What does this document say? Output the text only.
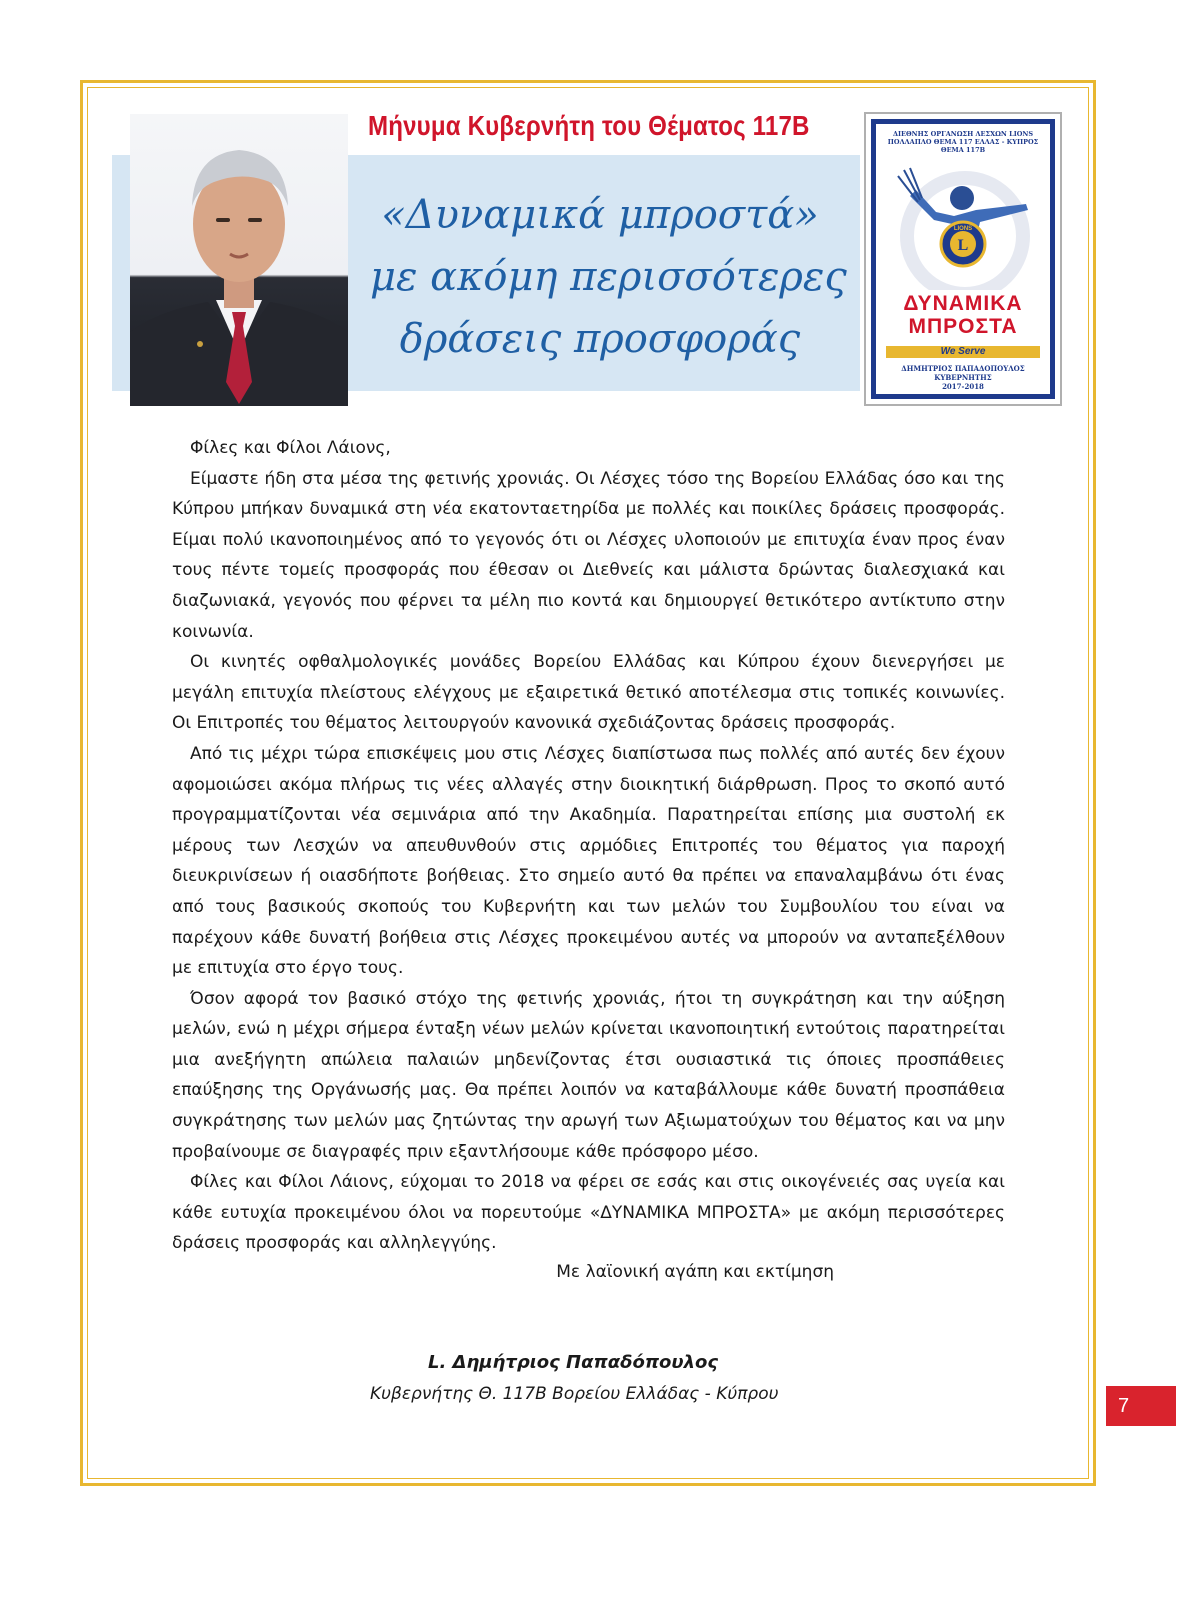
Μήνυμα Κυβερνήτη του Θέματος 117Β
«Δυναμικά μπροστά»
με ακόμη περισσότερες
δράσεις προσφοράς
ΔΙΕΘΝΗΣ ΟΡΓΑΝΩΣΗ ΛΕΣΧΩΝ LIONS
ΠΟΛΛΑΠΛΟ ΘΕΜΑ 117 ΕΛΛΑΣ - ΚΥΠΡΟΣ
ΘΕΜΑ 117Β
L
LIONS
ΔΥΝΑΜΙΚΑ
ΜΠΡΟΣΤΑ
We Serve
ΔΗΜΗΤΡΙΟΣ ΠΑΠΑΔΟΠΟΥΛΟΣ
ΚΥΒΕΡΝΗΤΗΣ
2017-2018

Φίλες και Φίλοι Λάιονς,

Είμαστε ήδη στα μέσα της φετινής χρονιάς. Οι Λέσχες τόσο της Βορείου Ελλάδας όσο και της Κύπρου μπήκαν δυναμικά στη νέα εκατονταετηρίδα με πολλές και ποικίλες δράσεις προσφοράς. Είμαι πολύ ικανοποιημένος από το γεγονός ότι οι Λέσχες υλοποιούν με επιτυχία έναν προς έναν τους πέντε τομείς προσφοράς που έθεσαν οι Διεθνείς και μάλιστα δρώντας διαλεσχιακά και διαζωνιακά, γεγονός που φέρνει τα μέλη πιο κοντά και δημιουργεί θετικότερο αντίκτυπο στην κοινωνία.

Οι κινητές οφθαλμολογικές μονάδες Βορείου Ελλάδας και Κύπρου έχουν διενεργήσει με μεγάλη επιτυχία πλείστους ελέγχους με εξαιρετικά θετικό αποτέλεσμα στις τοπικές κοινωνίες. Οι Επιτροπές του θέματος λειτουργούν κανονικά σχεδιάζοντας δράσεις προσφοράς.

Από τις μέχρι τώρα επισκέψεις μου στις Λέσχες διαπίστωσα πως πολλές από αυτές δεν έχουν αφομοιώσει ακόμα πλήρως τις νέες αλλαγές στην διοικητική διάρθρωση. Προς το σκοπό αυτό προγραμματίζονται νέα σεμινάρια από την Ακαδημία. Παρατηρείται επίσης μια συστολή εκ μέρους των Λεσχών να απευθυνθούν στις αρμόδιες Επιτροπές του θέματος για παροχή διευκρινίσεων ή οιασδήποτε βοήθειας. Στο σημείο αυτό θα πρέπει να επαναλαμβάνω ότι ένας από τους βασικούς σκοπούς του Κυβερνήτη και των μελών του Συμβουλίου του είναι να παρέχουν κάθε δυνατή βοήθεια στις Λέσχες προκειμένου αυτές να μπορούν να ανταπεξέλθουν με επιτυχία στο έργο τους.

Όσον αφορά τον βασικό στόχο της φετινής χρονιάς, ήτοι τη συγκράτηση και την αύξηση μελών, ενώ η μέχρι σήμερα ένταξη νέων μελών κρίνεται ικανοποιητική εντούτοις παρατηρείται μια ανεξήγητη απώλεια παλαιών μηδενίζοντας έτσι ουσιαστικά τις όποιες προσπάθειες επαύξησης της Οργάνωσής μας. Θα πρέπει λοιπόν να καταβάλλουμε κάθε δυνατή προσπάθεια συγκράτησης των μελών μας ζητώντας την αρωγή των Αξιωματούχων του θέματος και να μην προβαίνουμε σε διαγραφές πριν εξαντλήσουμε κάθε πρόσφορο μέσο.

Φίλες και Φίλοι Λάιονς, εύχομαι το 2018 να φέρει σε εσάς και στις οικογένειές σας υγεία και κάθε ευτυχία προκειμένου όλοι να πορευτούμε «ΔΥΝΑΜΙΚΑ ΜΠΡΟΣΤΑ» με ακόμη περισσότερες δράσεις προσφοράς και αλληλεγγύης.

Με λαϊονική αγάπη και εκτίμηση
L. Δημήτριος Παπαδόπουλος
Κυβερνήτης Θ. 117Β Βορείου Ελλάδας - Κύπρου
7
